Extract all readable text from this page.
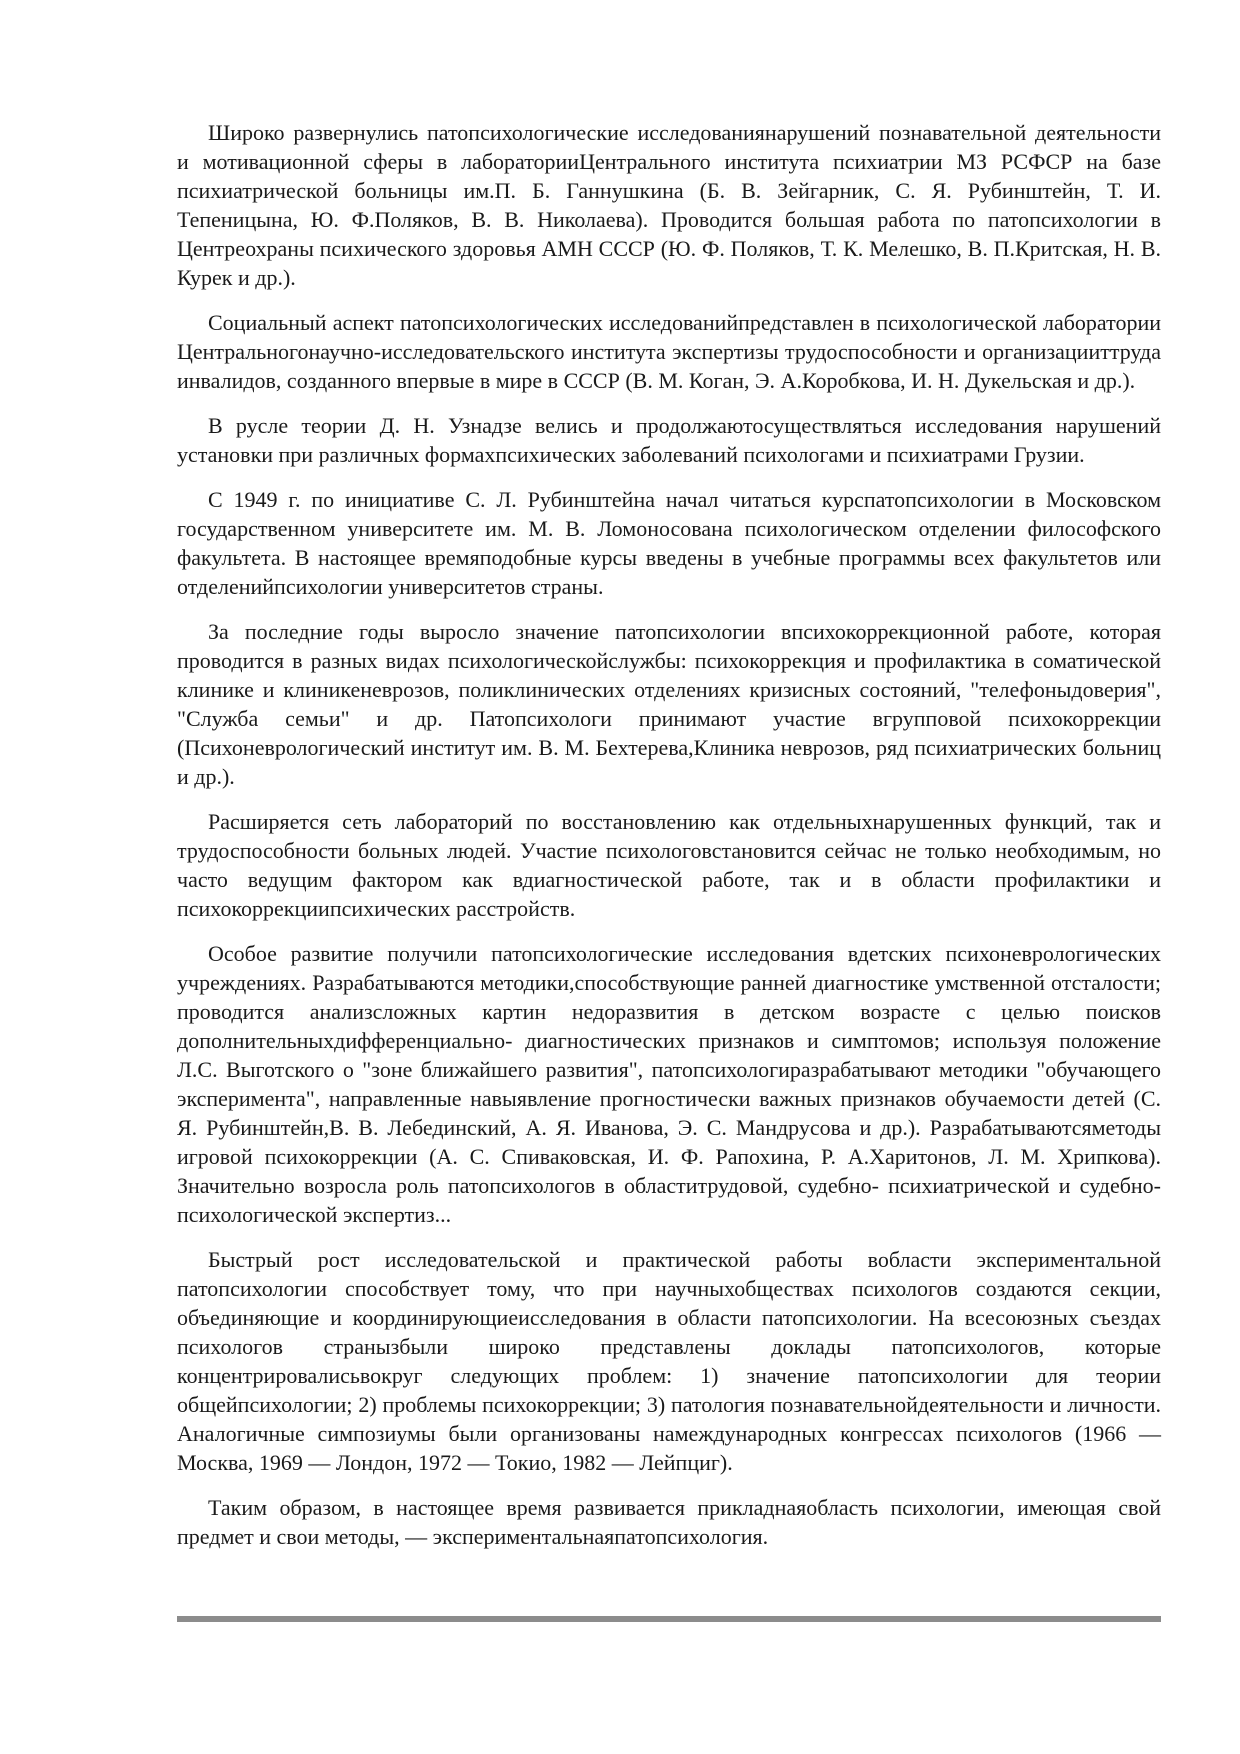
Широко развернулись патопсихологические исследованиянарушений познавательной деятельности и мотивационной сферы в лабораторииЦентрального института психиатрии МЗ РСФСР на базе психиатрической больницы им.П. Б. Ганнушкина (Б. В. Зейгарник, С. Я. Рубинштейн, Т. И. Тепеницына, Ю. Ф.Поляков, В. В. Николаева). Проводится большая работа по патопсихологии в Центреохраны психического здоровья АМН СССР (Ю. Ф. Поляков, Т. К. Мелешко, В. П.Критская, Н. В. Курек и др.).

Социальный аспект патопсихологических исследованийпредставлен в психологической лаборатории Центральногонаучно-исследовательского института экспертизы трудоспособности и организацииттруда инвалидов, созданного впервые в мире в СССР (В. М. Коган, Э. А.Коробкова, И. Н. Дукельская и др.).

В русле теории Д. Н. Узнадзе велись и продолжаютосуществляться исследования нарушений установки при различных формахпсихических заболеваний психологами и психиатрами Грузии.

С 1949 г. по инициативе С. Л. Рубинштейна начал читаться курспатопсихологии в Московском государственном университете им. М. В. Ломоносована психологическом отделении философского факультета. В настоящее времяподобные курсы введены в учебные программы всех факультетов или отделенийпсихологии университетов страны.

За последние годы выросло значение патопсихологии впсихокоррекционной работе, которая проводится в разных видах психологическойслужбы: психокоррекция и профилактика в соматической клинике и клиникеневрозов, поликлинических отделениях кризисных состояний, "телефоныдоверия", "Служба семьи" и др. Патопсихологи принимают участие вгрупповой психокоррекции (Психоневрологический институт им. В. М. Бехтерева,Клиника неврозов, ряд психиатрических больниц и др.).

Расширяется сеть лабораторий по восстановлению как отдельныхнарушенных функций, так и трудоспособности больных людей. Участие психологовстановится сейчас не только необходимым, но часто ведущим фактором как вдиагностической работе, так и в области профилактики и психокоррекциипсихических расстройств.

Особое развитие получили патопсихологические исследования вдетских психоневрологических учреждениях. Разрабатываются методики,способствующие ранней диагностике умственной отсталости; проводится анализсложных картин недоразвития в детском возрасте с целью поисков дополнительныхдифференциально- диагностических признаков и симптомов; используя положение Л.С. Выготского о "зоне ближайшего развития", патопсихологиразрабатывают методики "обучающего эксперимента", направленные навыявление прогностически важных признаков обучаемости детей (С. Я. Рубинштейн,В. В. Лебединский, А. Я. Иванова, Э. С. Мандрусова и др.). Разрабатываютсяметоды игровой психокоррекции (А. С. Спиваковская, И. Ф. Рапохина, Р. А.Харитонов, Л. М. Хрипкова). Значительно возросла роль патопсихологов в областитрудовой, судебно- психиатрической и судебно-психологической экспертиз...

Быстрый рост исследовательской и практической работы вобласти экспериментальной патопсихологии способствует тому, что при научныхобществах психологов создаются секции, объединяющие и координирующиеисследования в области патопсихологии. На всесоюзных съездах психологов странызбыли широко представлены доклады патопсихологов, которые концентрировалисьвокруг следующих проблем: 1) значение патопсихологии для теории общейпсихологии; 2) проблемы психокоррекции; 3) патология познавательнойдеятельности и личности. Аналогичные симпозиумы были организованы намеждународных конгрессах психологов (1966 — Москва, 1969 — Лондон, 1972 — Токио, 1982 — Лейпциг).

Таким образом, в настоящее время развивается прикладнаяобласть психологии, имеющая свой предмет и свои методы, — экспериментальнаяпатопсихология.
